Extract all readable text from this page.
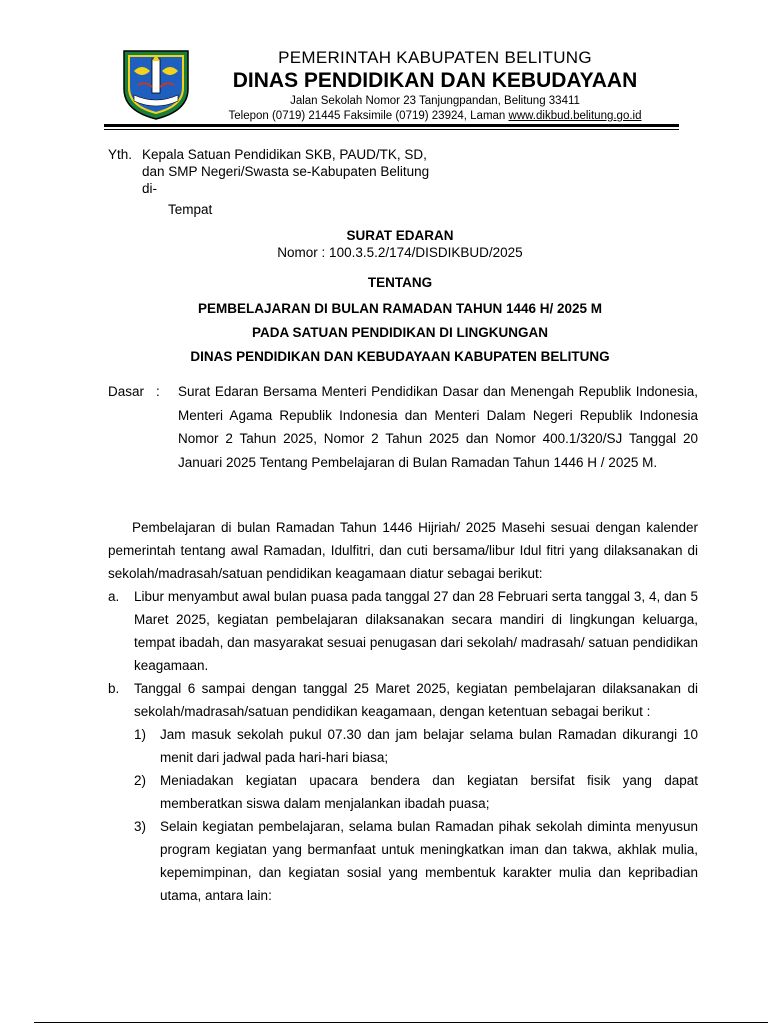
PEMERINTAH KABUPATEN BELITUNG
DINAS PENDIDIKAN DAN KEBUDAYAAN
Jalan Sekolah Nomor 23 Tanjungpandan, Belitung 33411
Telepon (0719) 21445 Faksimile (0719) 23924, Laman www.dikbud.belitung.go.id
Yth. Kepala Satuan Pendidikan SKB, PAUD/TK, SD,
dan SMP Negeri/Swasta se-Kabupaten Belitung
di-
Tempat
SURAT EDARAN
Nomor : 100.3.5.2/174/DISDIKBUD/2025
TENTANG
PEMBELAJARAN DI BULAN RAMADAN TAHUN 1446 H/ 2025 M
PADA SATUAN PENDIDIKAN DI LINGKUNGAN
DINAS PENDIDIKAN DAN KEBUDAYAAN KABUPATEN BELITUNG
Dasar :	Surat Edaran Bersama Menteri Pendidikan Dasar dan Menengah Republik Indonesia, Menteri Agama Republik Indonesia dan Menteri Dalam Negeri Republik Indonesia Nomor 2 Tahun 2025, Nomor 2 Tahun 2025 dan Nomor 400.1/320/SJ Tanggal 20 Januari 2025 Tentang Pembelajaran di Bulan Ramadan Tahun 1446 H / 2025 M.

Pembelajaran di bulan Ramadan Tahun 1446 Hijriah/ 2025 Masehi sesuai dengan kalender pemerintah tentang awal Ramadan, Idulfitri, dan cuti bersama/libur Idul fitri yang dilaksanakan di sekolah/madrasah/satuan pendidikan keagamaan diatur sebagai berikut:

a.	Libur menyambut awal bulan puasa pada tanggal 27 dan 28 Februari serta tanggal 3, 4, dan 5 Maret 2025, kegiatan pembelajaran dilaksanakan secara mandiri di lingkungan keluarga, tempat ibadah, dan masyarakat sesuai penugasan dari sekolah/ madrasah/ satuan pendidikan keagamaan.
b.	Tanggal 6 sampai dengan tanggal 25 Maret 2025, kegiatan pembelajaran dilaksanakan di sekolah/madrasah/satuan pendidikan keagamaan, dengan ketentuan sebagai berikut :
1)	Jam masuk sekolah pukul 07.30 dan jam belajar selama bulan Ramadan dikurangi 10 menit dari jadwal pada hari-hari biasa;
2)	Meniadakan kegiatan upacara bendera dan kegiatan bersifat fisik yang dapat memberatkan siswa dalam menjalankan ibadah puasa;
3)	Selain kegiatan pembelajaran, selama bulan Ramadan pihak sekolah diminta menyusun program kegiatan yang bermanfaat untuk meningkatkan iman dan takwa, akhlak mulia, kepemimpinan, dan kegiatan sosial yang membentuk karakter mulia dan kepribadian utama, antara lain:
